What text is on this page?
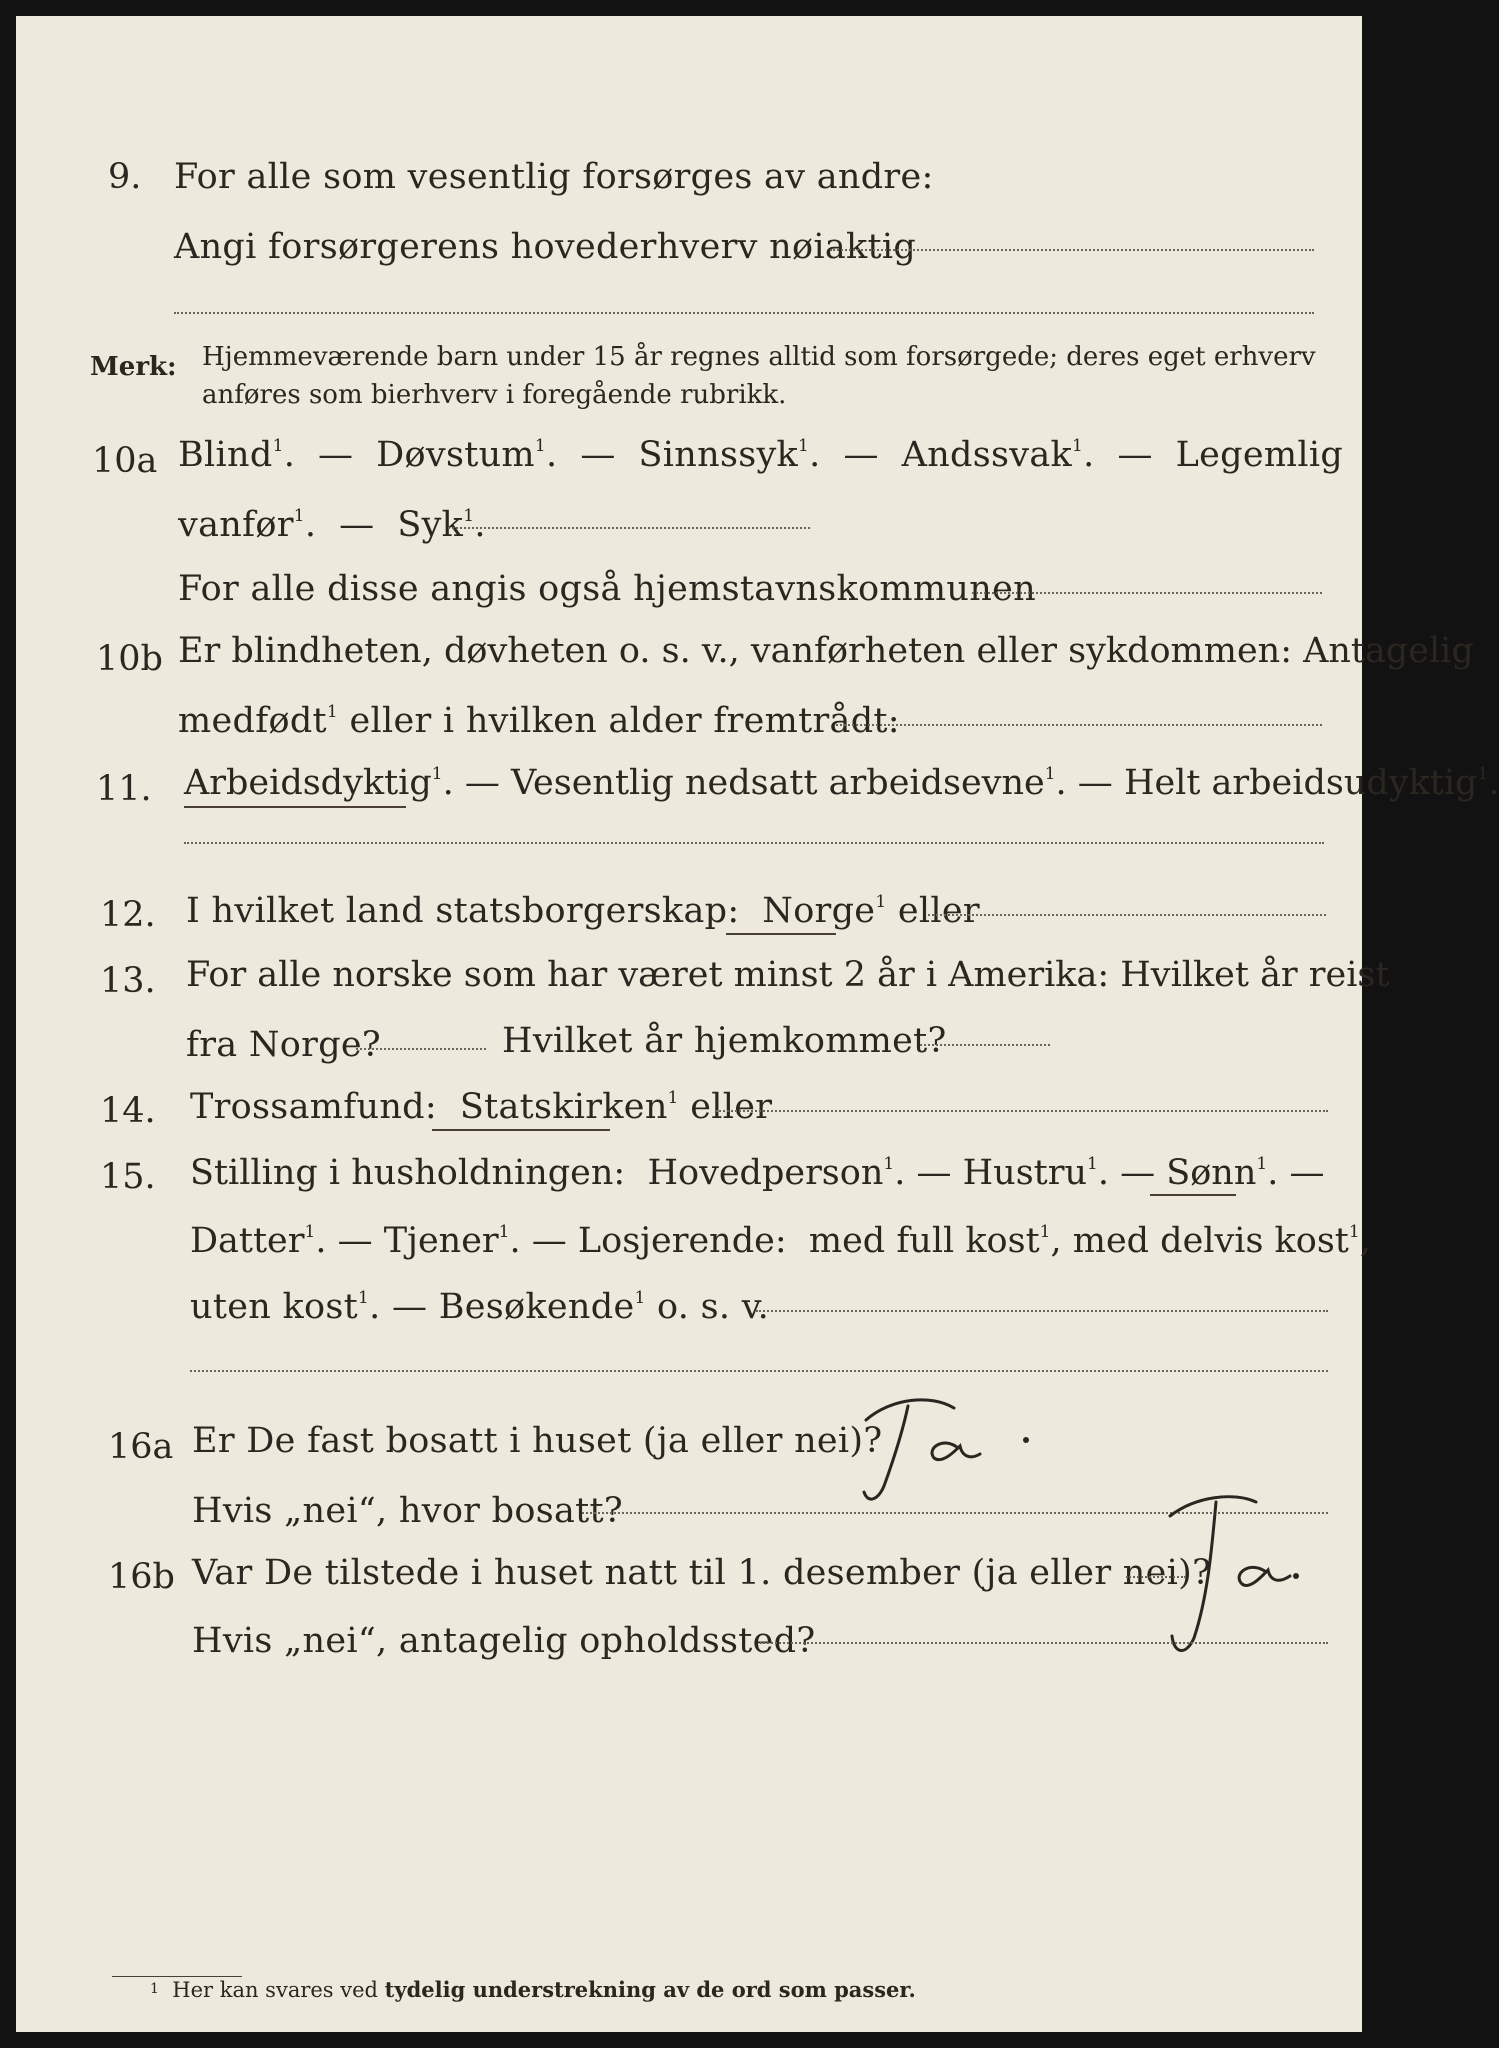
9. For alle som vesentlig forsørges av andre:
Angi forsørgerens hovederhverv nøiaktig
Merk: Hjemmeværende barn under 15 år regnes alltid som forsørgede; deres eget erhverv
anføres som bierhverv i foregående rubrikk.
10a Blind$^1$.  — Døvstum$^1$.  — Sinnssyk$^1$.  — Andssvak$^1$.  — Legemlig
vanfør$^1$.  — Syk$^1$.
For alle disse angis også hjemstavnskommunen
10b Er blindheten, døvheten o. s. v., vanførheten eller sykdommen: Antagelig
medfødt$^1$ eller i hvilken alder fremtrådt:
11. Arbeidsdyktig$^1$. — Vesentlig nedsatt arbeidsevne$^1$. — Helt arbeidsudyktig$^1$.
12. I hvilket land statsborgerskap: Norge$^1$ eller
13. For alle norske som har været minst 2 år i Amerika: Hvilket år reist
fra Norge?	Hvilket år hjemkommet?
14. Trossamfund: Statskirken$^1$ eller
15. Stilling i husholdningen: Hovedperson$^1$. — Hustru$^1$. — Sønn$^1$. —
Datter$^1$. — Tjener$^1$. — Losjerende: med full kost$^1$, med delvis kost$^1$,
uten kost$^1$. — Besøkende$^1$ o. s. v.
16a Er De fast bosatt i huset (ja eller nei)?
Hvis „nei“, hvor bosatt?
16b Var De tilstede i huset natt til 1. desember (ja eller nei)?
Hvis „nei“, antagelig opholdssted?
1 Her kan svares ved tydelig understrekning av de ord som passer.
